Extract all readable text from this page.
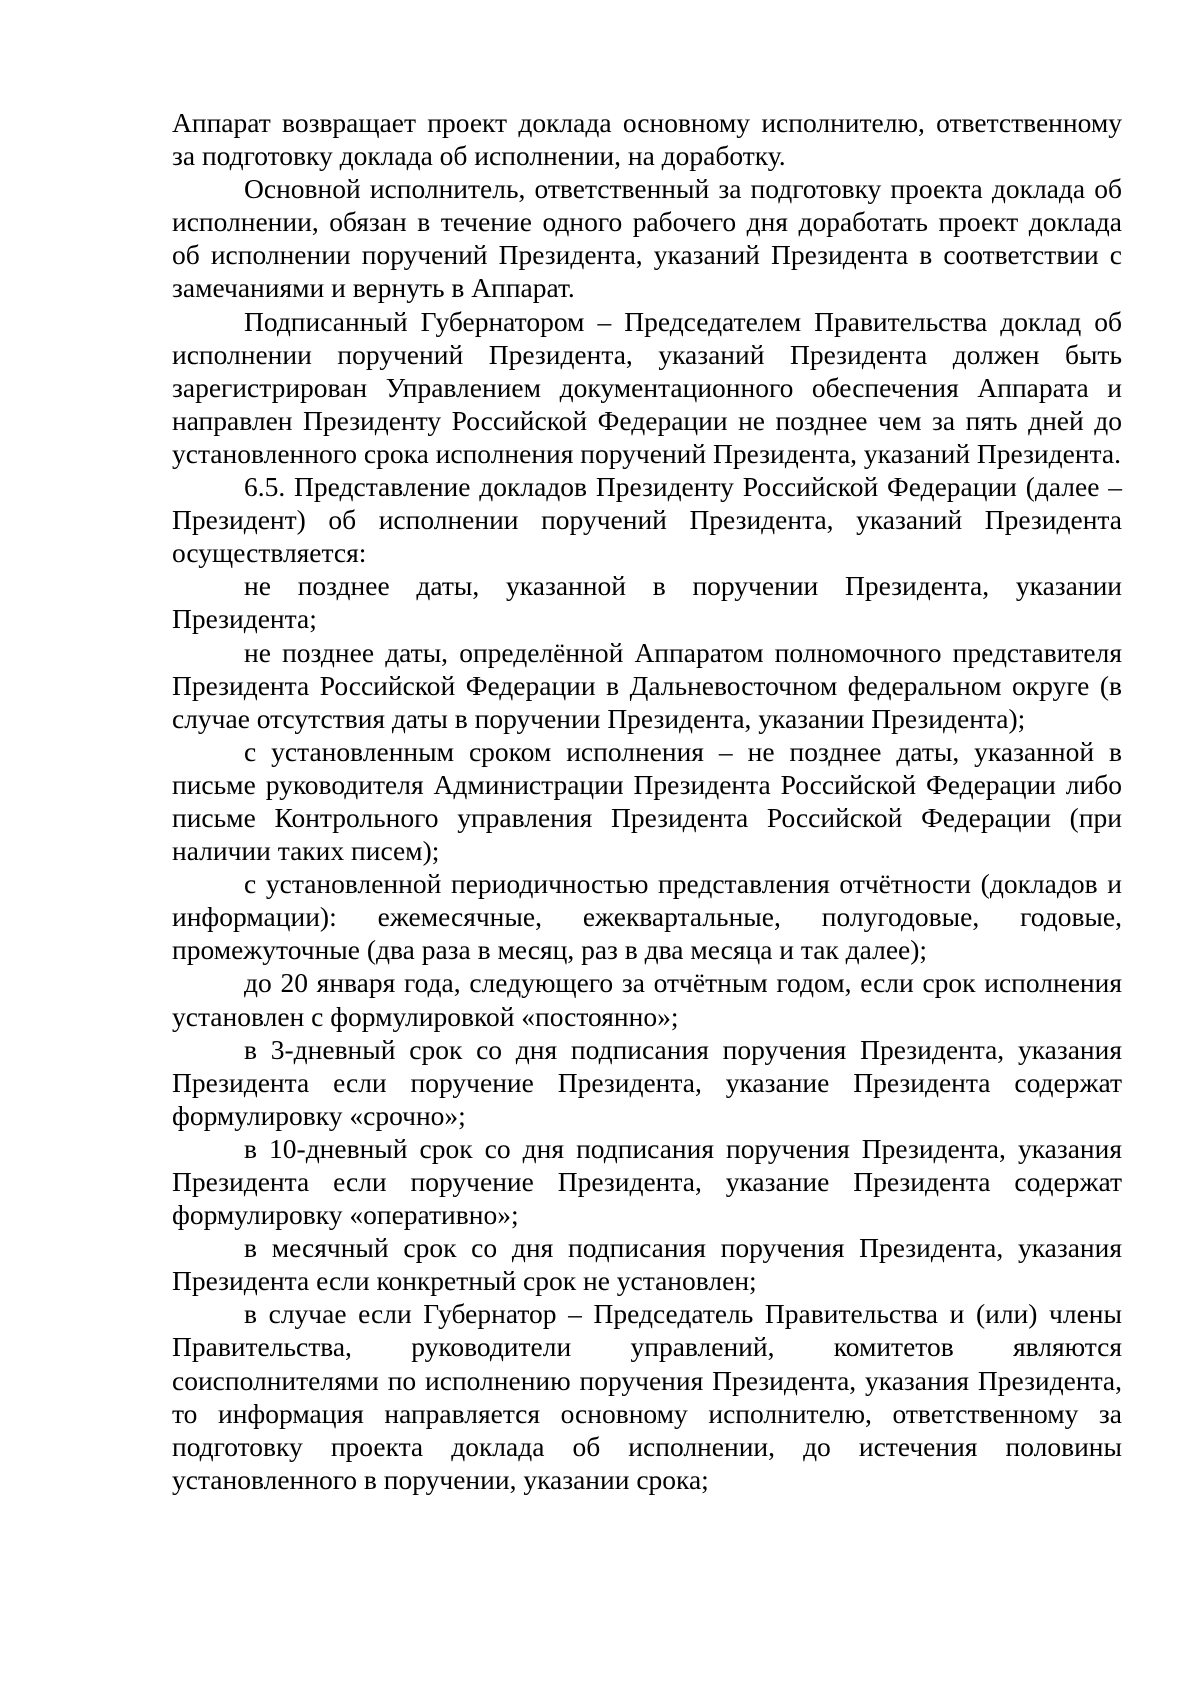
Аппарат возвращает проект доклада основному исполнителю, ответственному за подготовку доклада об исполнении, на доработку.

Основной исполнитель, ответственный за подготовку проекта доклада об исполнении, обязан в течение одного рабочего дня доработать проект доклада об исполнении поручений Президента, указаний Президента в соответствии с замечаниями и вернуть в Аппарат.

Подписанный Губернатором – Председателем Правительства доклад об исполнении поручений Президента, указаний Президента должен быть зарегистрирован Управлением документационного обеспечения Аппарата и направлен Президенту Российской Федерации не позднее чем за пять дней до установленного срока исполнения поручений Президента, указаний Президента.

6.5. Представление докладов Президенту Российской Федерации (далее – Президент) об исполнении поручений Президента, указаний Президента осуществляется:

не позднее даты, указанной в поручении Президента, указании Президента;

не позднее даты, определённой Аппаратом полномочного представителя Президента Российской Федерации в Дальневосточном федеральном округе (в случае отсутствия даты в поручении Президента, указании Президента);

с установленным сроком исполнения – не позднее даты, указанной в письме руководителя Администрации Президента Российской Федерации либо письме Контрольного управления Президента Российской Федерации (при наличии таких писем);

с установленной периодичностью представления отчётности (докладов и информации): ежемесячные, ежеквартальные, полугодовые, годовые, промежуточные (два раза в месяц, раз в два месяца и так далее);

до 20 января года, следующего за отчётным годом, если срок исполнения установлен с формулировкой «постоянно»;

в 3-дневный срок со дня подписания поручения Президента, указания Президента если поручение Президента, указание Президента содержат формулировку «срочно»;

в 10-дневный срок со дня подписания поручения Президента, указания Президента если поручение Президента, указание Президента содержат формулировку «оперативно»;

в месячный срок со дня подписания поручения Президента, указания Президента если конкретный срок не установлен;

в случае если Губернатор – Председатель Правительства и (или) члены Правительства, руководители управлений, комитетов являются соисполнителями по исполнению поручения Президента, указания Президента, то информация направляется основному исполнителю, ответственному за подготовку проекта доклада об исполнении, до истечения половины установленного в поручении, указании срока;
